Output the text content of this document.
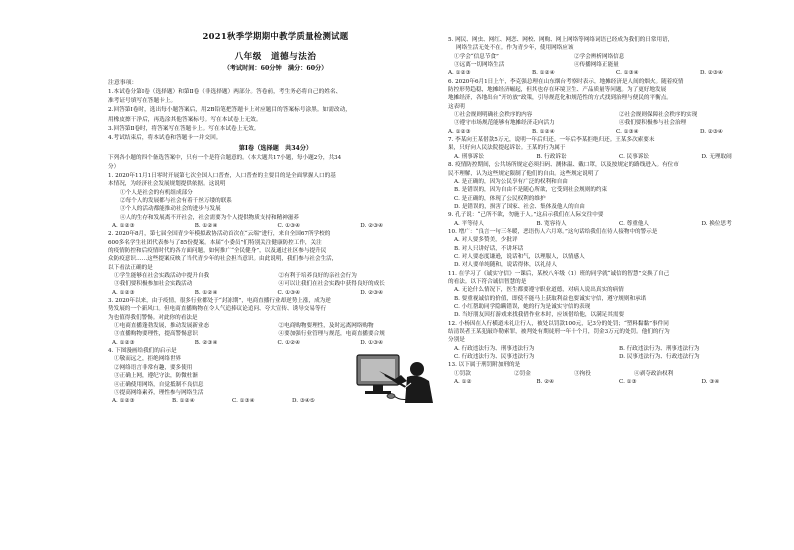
2021秋季学期期中教学质量检测试题
八年级　道德与法治
（考试时间：60分钟　满分：60分）
注意事项：
1.本试卷分第Ⅰ卷（选择题）和第Ⅱ卷（非选择题）两部分。答卷前，考生务必将自己的姓名、
准考证号填写在答题卡上。
2.回答第Ⅰ卷时，选出每小题答案后，用2B铅笔把答题卡上对应题目的答案标号涂黑。如需改动，
用橡皮擦干净后，再选涂其他答案标号。写在本试卷上无效。
3.回答第Ⅱ卷时，将答案写在答题卡上。写在本试卷上无效。
4.考试结束后，将本试卷和答题卡一并交回。
第Ⅰ卷（选择题　共34分）
下列各小题的四个备选答案中，只有一个是符合题意的。（本大题共17小题，每小题2分，共34
分）
1. 2020年11月1日零时开展第七次全国人口普查，人口普查的主要目的是全面掌握人口的基
本情况，为经济社会发展规划提供依据。这说明
①个人是社会的有机组成部分
②每个人的发展都与社会有着千丝万缕的联系
③个人的活动都能推动社会的进步与发展
④人的生存和发展离不开社会，社会需要为个人提供物质支持和精神滋养
A. ①②③	B. ①②④	C. ①③④	D. ②③④
2. 2020年8月，第七届全国青少年模拟政协活动首次在“云端”进行，来自全国67所学校的
600多名学生社团代表参与了85份提案。本届“小委员”们特别关注健康防控工作，关注
的疫情防控和后疫情时代的各方面问题，如何推广“全民健身”，以及通过社区参与提升民
众防疫意识……这些提案反映了当代青少年的社会担当意识。由此说明，我们参与社会生活，
以下看法正确的是
①学生能够在社会实践活动中提升自我	②有利于培养良好的亲社会行为
③我们要积极参加社会实践活动	④可以让我们在社会实践中获得良好的成长
A. ①②③	B. ①②④	C. ①③④	D. ②③④
3. 2020年以来，由于疫情，很多行业都处于“封冻期”，电商直播行业却逆势上涨，成为逆
势发展的一个新风口。但电商直播购物在令人气追捧议论追问、夸大宣传、诱导交易等行
为也值得我们警惕。对此你的看法是
①电商直播蓬勃发展，推动发展新业态	②电商购物要理性，及时远离网络购物
③直播购物要理性，提高警惕意识	④要加强行业管理与规范，电商直播要合规
A. ①②③	B. ②③④	C. ①②④	D. ①③④
4. 下图漫画给我们的启示是
①敬而远之，拒绝网络世界
②网络语言非常有趣，要多使用
③正确上网，遵纪守法，防微杜渐
④正确使用网络，自觉抵制不良信息
⑤提高网络素养，理性参与网络生活
A. ①②③	B. ①②④	C. ①③④	D. ③④⑤
5. 网民、网虫、网红、网恋、网校、网购、网上网络等网络词语已经成为我们的日常用语，
网络生活无处不在。作为青少年，使用网络应该
①学会“信息节食”	②学会辨析网络信息
③远离一切网络生活	④传播网络正能量
A. ①②③	B. ①②④	C. ①③④	D. ②③④
6. 2020年6月1日上午，李克强总理在山东烟台考察时表示，地摊经济是人间的烟火。随着疫情
防控形势趋稳，地摊经济崛起，但其也存在环境卫生、产品质量等问题。为了更好地发展
地摊经济，各地出台“开坊放”政策，引导规范化和规范性的方式找到治理与便民的平衡点。
这表明
①社会规则明确社会秩序的内容	②社会规则保障社会秩序的实现
③遵守市场规范能够有地摊经济走向活力	④我们要积极参与社会治理
A. ①②③	B. ①②④	C. ①③④	D. ②③④
7. 李某向王某借款5万元，说明一年后归还。一年后李某拒绝归还。王某多次索要未
果，只好向人民法院提起诉讼。王某的行为属于
A. 刑事诉讼	B. 行政诉讼	C. 民事诉讼	D. 无理取闹
8. 疫情防控期间，公共场所规定必须扫码、测体温、戴口罩，以及按规定的路线进入。有位市
民不理解，认为这些规定限制了他们的自由。这些规定说明了
A. 是正确的，因为公民享有广泛的权利和自由
B. 是错误的，因为自由不是随心所欲，它受到社会规则的约束
C. 是正确的，体现了公民权利的维护
D. 是错误的，损害了国家、社会、集体及他人的自由
9. 孔子说：“己所不欲，勿施于人。”这启示我们在人际交往中要
A. 平等待人	B. 宽容待人	C. 尊重他人	D. 换位思考
10. 增广：“良言一句三冬暖，恶语伤人六月寒。”这句话给我们在待人接物中的警示是
A. 对人要多赞美，少批评
B. 对人只讲好话，不讲坏话
C. 对人要态度谦逊，说话和气，以理服人，以情感人
D. 对人要单纯随和，说话得体，以礼待人
11. 在学习了《诚实守信》一课后，某校八年级（1）班的同学就“诚信的智慧”交换了自己
的看法。以下符合诚信智慧的是
A. 无论什么情况下，医生都要遵守职业道德，对病人说出真实的病情
B. 要重视诚信的价值，即使不能马上获取利益也要诚实守信，遵守规则和承诺
C. 小红帮助同学隐瞒错误，她的行为是诚实守信的表现
D. 当好朋友因打游戏来找我借作业本时，应该借给他，以满足其需要
12. 小杨因在人行横道未礼让行人，被处以罚款100元，记3分的处罚；“塑料黏黏”事件同
结清误者王某犯敲诈勒索罪，被判处有期徒刑一年十个月，罚金3万元的处罚。他们的行为
分别是
A. 行政违法行为、刑事违法行为	B. 行政违法行为、刑事违法行为
C. 行政违法行为、民事违法行为	D. 民事违法行为、行政违法行为
13. 以下属于刑罚附加刑的是
①罚款	②罚金	③拘役	④剥夺政治权利
A. ①②	B. ②④	C. ①③	D. ③④
